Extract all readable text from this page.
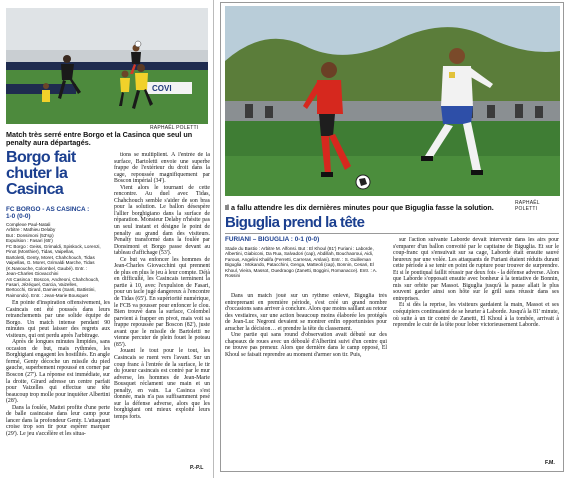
COVI
RAPHAËL POLETTI
Match très serré entre Borgo et la Casinca que seul un penalty aura départagés.
Borgo fait
chuter la
Casinca
FC BORGO - AS CASINCA :
1-0 (0-0)
Complexe Paul-Natali
Arbitre : Mathieu Delaby
But : Donsimoni (53'sp)
Expulsion : Fasari (65')
FC Borgo : Geiss, Grimaldi, Spiskock, Lorenzi,
Pinot (Monthier), Tidas, Vaipellas,
Bartoletti, Genty, Moret, Chahchouch, Tidas
Vaipellas, G. Moret, Grimaldi Marche, Tidas
(K.Nanouche, Colombel, Gaubé). Entr. :
Jean-Charles Giovacchini
AS Casinca : Boscon, Andreoni, Chahchouch,
Fasari, Jézéquel, Garcia, Vaizelles,
Bertocchi, Girard, Damiens (Santi, Battistini,
Raimondo). Entr. : Jean-Marie Bousquet

En pointe d'inspiration offensivement, les Casincais ont été poussés dans leurs retranchements par une solide équipe de Borgo. Un match intense pendant 90 minutes qui peut laisser des regrets aux visiteurs, qui ont perdu après l'arbitrage.

Après de longues minutes limpides, sans occasion de but, mais rythmées, les Borghigiani engagent les hostilités. En angle fermé, Genty décoche un missile du pied gauche, superbement repoussé en corner par Boscon (27'). La réponse est immédiate, sur la droite, Girard adresse un centre parfait pour Vaizelles qui effectue une tête beaucoup trop molle pour inquiéter Albertini (28').

Dans la foulée, Mattei profite d'une perte de balle casincaise dans leur camp pour lancer dans la profondeur Genty. L'attaquant croise trop son tir pour espérer marquer (29'). Le jeu s'accélère et les situa-

tions se multiplient. À l'entrée de la surface, Bartoletti envoie une superbe frappe de l'extérieur du droit dans la cage, repoussée magnifiquement par Boscon impérial (34').

Vient alors le tournant de cette rencontre. Au duel avec Tidas, Chahchouch semble s'aider de son bras pour la solution. Le ballon désespère l'allier borghigiano dans la surface de réparation. Monsieur Delaby n'hésite pas un seul instant et désigne le point de penalty au grand dam des visiteurs. Penalty transformé dans la foulée par Donsimoni et Borgo passe devant au tableau d'affichage (53').

Ce but va enfoncer les hommes de Jean-Charles Giovacchini qui prennent de plus en plus le jeu à leur compte. Déjà en difficulté, les Casincais terminent la partie à 10, avec l'expulsion de Fasari, pour un tacle jugé dangereux à l'encontre de Tidas (65'). En supériorité numérique, le FCB va pousser pour enfoncer le clou. Bien trouvé dans la surface, Colombel parvient à frapper en pivot, mais voit sa frappe repoussée par Boscon (82'), juste avant que le missile de Bartoletti ne vienne percuter de plein fouet le poteau (85').

Jouant le tout pour le tout, les Casincais se ruent vers l'avant. Sur un coup franc à l'entrée de la surface, le tir du joueur casincais est contré par le mur adverse, les hommes de Jean-Marie Bousquet réclament une main et un penalty, en vain. La Casinca s'est donnée, mais n'a pas suffisamment pesé sur la défense adverse, alors que les borghigiani ont mieux exploité leurs temps forts.

P.-P.L
RAPHAËL POLETTI
Il a fallu attendre les dix dernières minutes pour que Biguglia fasse la solution.
Biguglia prend la tête
FURIANI – BIGUGLIA : 0-1 (0-0)
Stade du Bastio : Arbitre M. Alfonsi. But : El Khoul (81') Furiani : Laborde, Albertini, Giabiconi, Da Rua, Salvadori (cap), Abdillah, Bouchaoroui, Aidi, Farous, Angelini Khalifa (Ferretti, Carreras, Arslani). Entr. : S. Guilleman Biguglia : Mokando, Patacchini, Genga, Matteoli (cap), Bonnin, Cesari, El Khoul, Vieira, Massot, Ouedraogo (Zanetti, Boggini, Romanacce). Entr. : A. Rossini

Dans un match joué sur un rythme enlevé, Biguglia très entreprenant en première période, s'est créé un grand nombre d'occasions sans arriver à conclure. Alors que moins saillant au retour des vestiaires, sur une action beaucoup moins élaborée les protégés de Jean-Luc Negroni devaient se montrer enfin opportunistes pour arracher la décision… et prendre la tête du classement.

Une partie qui sans round d'observation avait débuté sur des chapeaux de roues avec un déboulé d'Albertini suivi d'un centre qui ne trouve pas preneur. Alors que dernière dans le camp opposé, El Khoul se faisait reprendre au moment d'armer son tir. Puis,

sur l'action suivante Laborde devait intervenir dans les airs pour s'emparer d'un ballon convoité par le capitaine de Biguglia. Et sur le coup-franc qui s'ensuivait sur sa cage, Laborde était ensuite sauvé heureux par une volée. Les attaquants de Furiani étaient réduits durant cette période à se tenir en point de rupture pour trouver de surprendre. Et si le poutiqual faillit réussir par deux fois - la défense adverse. Alors que Laborde s'opposait ensuite avec bonheur à la tentative de Bonnin, mis sur orbite par Massot. Biguglia jusqu'à la pause allait le plus souvent garder ainsi son hôte sur le grill sans réussir dans ses entreprises.

Et si dès la reprise, les visiteurs gardaient la main, Massot et ses coéquipiers continuaient de se heurter à Laborde. Jusqu'à la 81' minute, où suite à un tir contré de Zanetti, El Khoul à la tombée, arrivait à reprendre le cuir de la tête pour lober victorieusement Laborde.

F.M.
